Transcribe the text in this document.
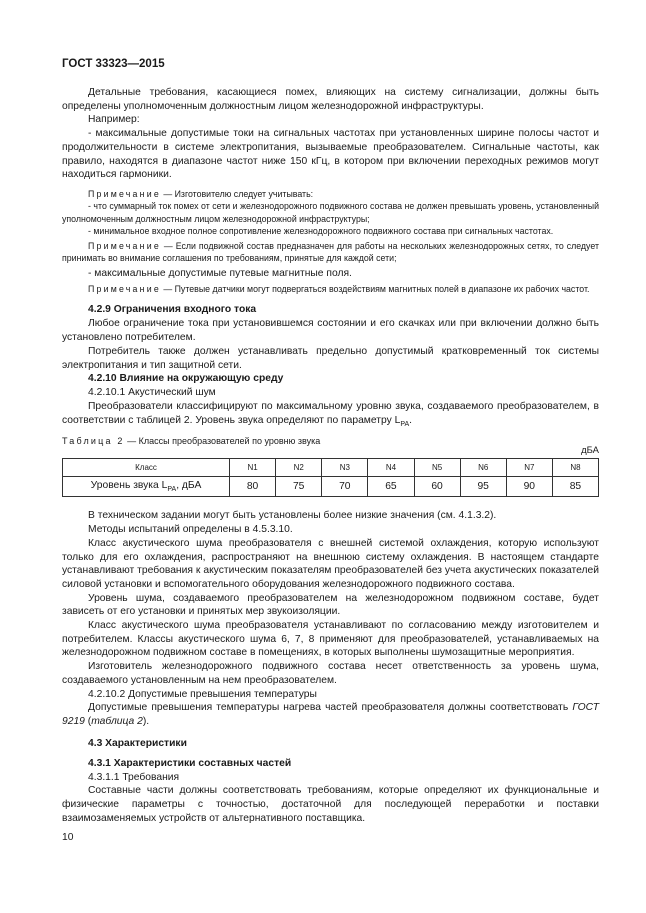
ГОСТ 33323—2015

Детальные требования, касающиеся помех, влияющих на систему сигнализации, должны быть определены уполномоченным должностным лицом железнодорожной инфраструктуры.

Например:

- максимальные допустимые токи на сигнальных частотах при установленных ширине полосы частот и продолжительности в системе электропитания, вызываемые преобразователем. Сигнальные частоты, как правило, находятся в диапазоне частот ниже 150 кГц, в котором при включении переходных режимов могут находиться гармоники.

Примечание — Изготовителю следует учитывать:

- что суммарный ток помех от сети и железнодорожного подвижного состава не должен превышать уровень, установленный уполномоченным должностным лицом железнодорожной инфраструктуры;

- минимальное входное полное сопротивление железнодорожного подвижного состава при сигнальных частотах.

Примечание — Если подвижной состав предназначен для работы на нескольких железнодорожных сетях, то следует принимать во внимание соглашения по требованиям, принятые для каждой сети;

- максимальные допустимые путевые магнитные поля.

Примечание — Путевые датчики могут подвергаться воздействиям магнитных полей в диапазоне их рабочих частот.

4.2.9 Ограничения входного тока

Любое ограничение тока при установившемся состоянии и его скачках или при включении должно быть установлено потребителем.

Потребитель также должен устанавливать предельно допустимый кратковременный ток системы электропитания и тип защитной сети.

4.2.10 Влияние на окружающую среду

4.2.10.1 Акустический шум

Преобразователи классифицируют по максимальному уровню звука, создаваемого преобразователем, в соответствии с таблицей 2. Уровень звука определяют по параметру $L_{PA}$.

Таблица 2 — Классы преобразователей по уровню звука
дБА
Класс	N1	N2	N3	N4	N5	N6	N7	N8
Уровень звука $L_{PA}$, дБА	80	75	70	65	60	95	90	85

В техническом задании могут быть установлены более низкие значения (см. 4.1.3.2).

Методы испытаний определены в 4.5.3.10.

Класс акустического шума преобразователя с внешней системой охлаждения, которую используют только для его охлаждения, распространяют на внешнюю систему охлаждения. В настоящем стандарте устанавливают требования к акустическим показателям преобразователей без учета акустических показателей силовой установки и вспомогательного оборудования железнодорожного подвижного состава.

Уровень шума, создаваемого преобразователем на железнодорожном подвижном составе, будет зависеть от его установки и принятых мер звукоизоляции.

Класс акустического шума преобразователя устанавливают по согласованию между изготовителем и потребителем. Классы акустического шума 6, 7, 8 применяют для преобразователей, устанавливаемых на железнодорожном подвижном составе в помещениях, в которых выполнены шумозащитные мероприятия.

Изготовитель железнодорожного подвижного состава несет ответственность за уровень шума, создаваемого установленным на нем преобразователем.

4.2.10.2 Допустимые превышения температуры

Допустимые превышения температуры нагрева частей преобразователя должны соответствовать ГОСТ 9219 (таблица 2).

4.3 Характеристики
4.3.1 Характеристики составных частей

4.3.1.1 Требования

Составные части должны соответствовать требованиям, которые определяют их функциональные и физические параметры с точностью, достаточной для последующей переработки и поставки взаимозаменяемых устройств от альтернативного поставщика.

10
